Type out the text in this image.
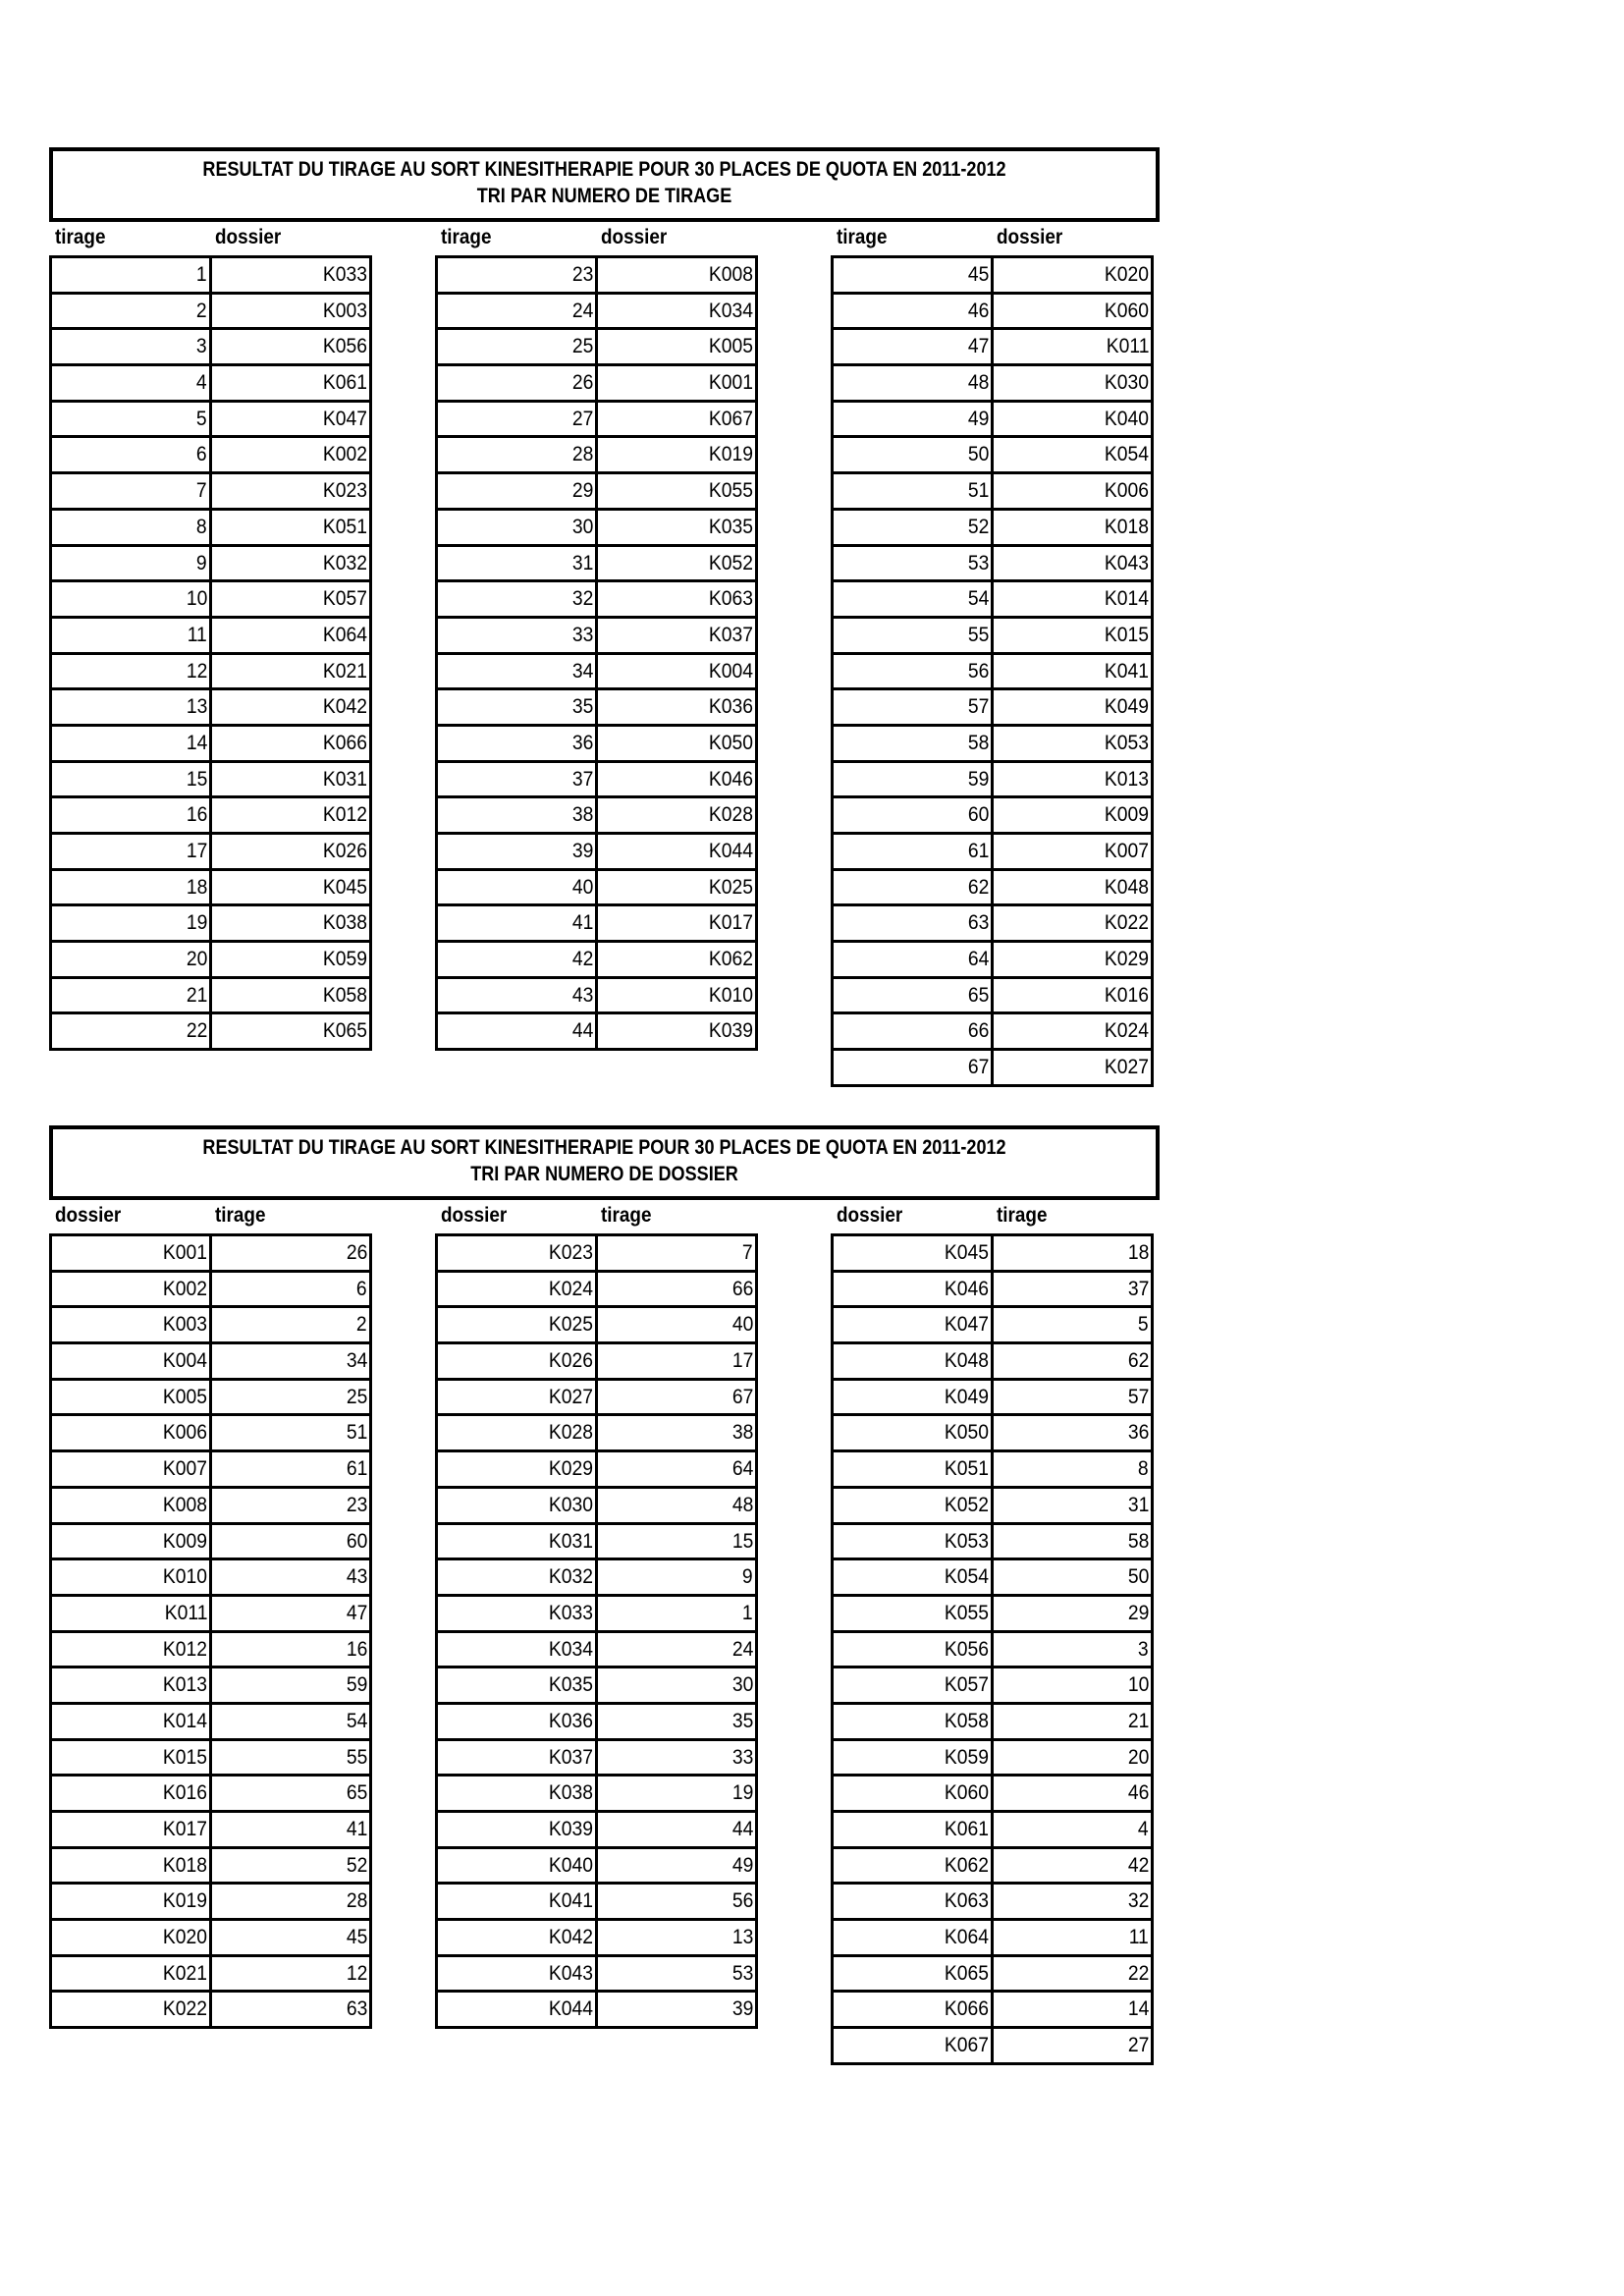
RESULTAT DU TIRAGE AU SORT KINESITHERAPIE POUR 30 PLACES DE QUOTA EN 2011-2012
TRI PAR NUMERO DE TIRAGE
tirage	dossier
1	K033
2	K003
3	K056
4	K061
5	K047
6	K002
7	K023
8	K051
9	K032
10	K057
11	K064
12	K021
13	K042
14	K066
15	K031
16	K012
17	K026
18	K045
19	K038
20	K059
21	K058
22	K065
tirage	dossier
23	K008
24	K034
25	K005
26	K001
27	K067
28	K019
29	K055
30	K035
31	K052
32	K063
33	K037
34	K004
35	K036
36	K050
37	K046
38	K028
39	K044
40	K025
41	K017
42	K062
43	K010
44	K039
tirage	dossier
45	K020
46	K060
47	K011
48	K030
49	K040
50	K054
51	K006
52	K018
53	K043
54	K014
55	K015
56	K041
57	K049
58	K053
59	K013
60	K009
61	K007
62	K048
63	K022
64	K029
65	K016
66	K024
67	K027
RESULTAT DU TIRAGE AU SORT KINESITHERAPIE POUR 30 PLACES DE QUOTA EN 2011-2012
TRI PAR NUMERO DE DOSSIER
dossier	tirage
K001	26
K002	6
K003	2
K004	34
K005	25
K006	51
K007	61
K008	23
K009	60
K010	43
K011	47
K012	16
K013	59
K014	54
K015	55
K016	65
K017	41
K018	52
K019	28
K020	45
K021	12
K022	63
dossier	tirage
K023	7
K024	66
K025	40
K026	17
K027	67
K028	38
K029	64
K030	48
K031	15
K032	9
K033	1
K034	24
K035	30
K036	35
K037	33
K038	19
K039	44
K040	49
K041	56
K042	13
K043	53
K044	39
dossier	tirage
K045	18
K046	37
K047	5
K048	62
K049	57
K050	36
K051	8
K052	31
K053	58
K054	50
K055	29
K056	3
K057	10
K058	21
K059	20
K060	46
K061	4
K062	42
K063	32
K064	11
K065	22
K066	14
K067	27
